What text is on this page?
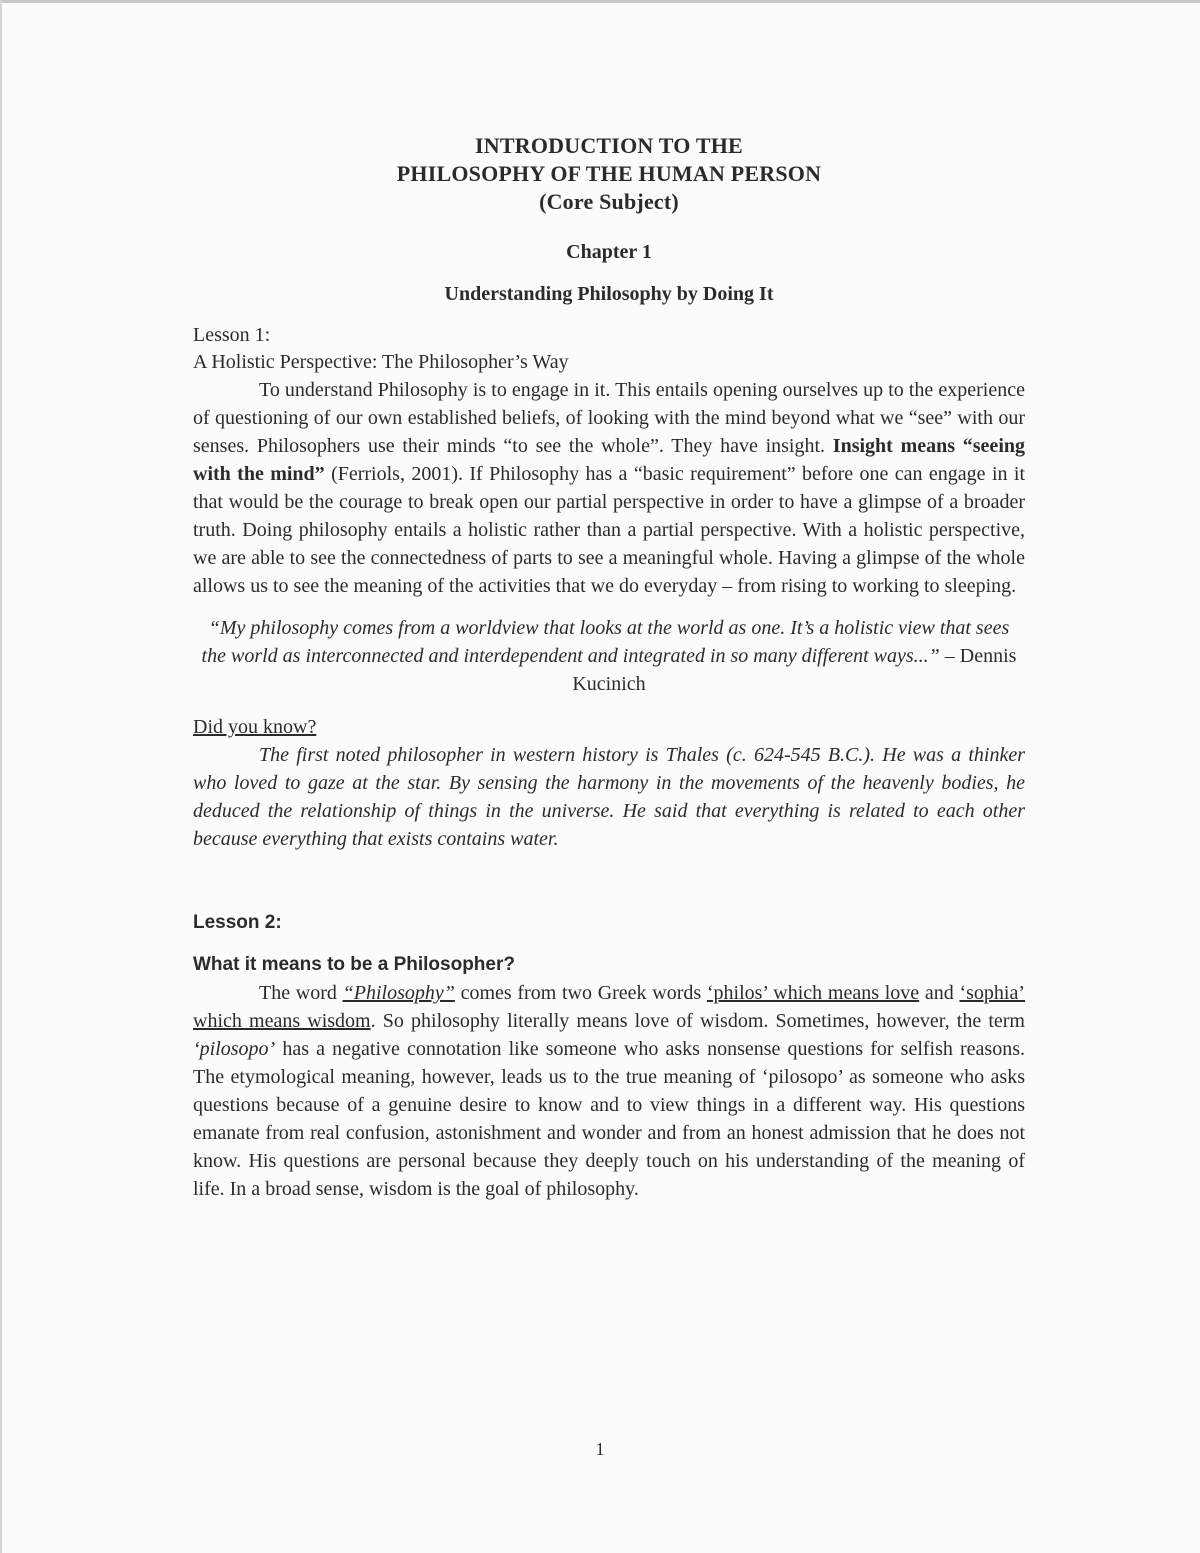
INTRODUCTION TO THE
PHILOSOPHY OF THE HUMAN PERSON
(Core Subject)
Chapter 1
Understanding Philosophy by Doing It
Lesson 1:
A Holistic Perspective: The Philosopher’s Way

To understand Philosophy is to engage in it. This entails opening ourselves up to the experience of questioning of our own established beliefs, of looking with the mind beyond what we “see” with our senses. Philosophers use their minds “to see the whole”. They have insight. Insight means “seeing with the mind” (Ferriols, 2001). If Philosophy has a “basic requirement” before one can engage in it that would be the courage to break open our partial perspective in order to have a glimpse of a broader truth. Doing philosophy entails a holistic rather than a partial perspective. With a holistic perspective, we are able to see the connectedness of parts to see a meaningful whole. Having a glimpse of the whole allows us to see the meaning of the activities that we do everyday – from rising to working to sleeping.

“My philosophy comes from a worldview that looks at the world as one. It’s a holistic view that sees the world as interconnected and interdependent and integrated in so many different ways...” – Dennis Kucinich
Did you know?

The first noted philosopher in western history is Thales (c. 624-545 B.C.). He was a thinker who loved to gaze at the star. By sensing the harmony in the movements of the heavenly bodies, he deduced the relationship of things in the universe. He said that everything is related to each other because everything that exists contains water.

Lesson 2:
What it means to be a Philosopher?

The word “Philosophy” comes from two Greek words ‘philos’ which means love and ‘sophia’ which means wisdom. So philosophy literally means love of wisdom. Sometimes, however, the term ‘pilosopo’ has a negative connotation like someone who asks nonsense questions for selfish reasons. The etymological meaning, however, leads us to the true meaning of ‘pilosopo’ as someone who asks questions because of a genuine desire to know and to view things in a different way. His questions emanate from real confusion, astonishment and wonder and from an honest admission that he does not know. His questions are personal because they deeply touch on his understanding of the meaning of life. In a broad sense, wisdom is the goal of philosophy.

1
